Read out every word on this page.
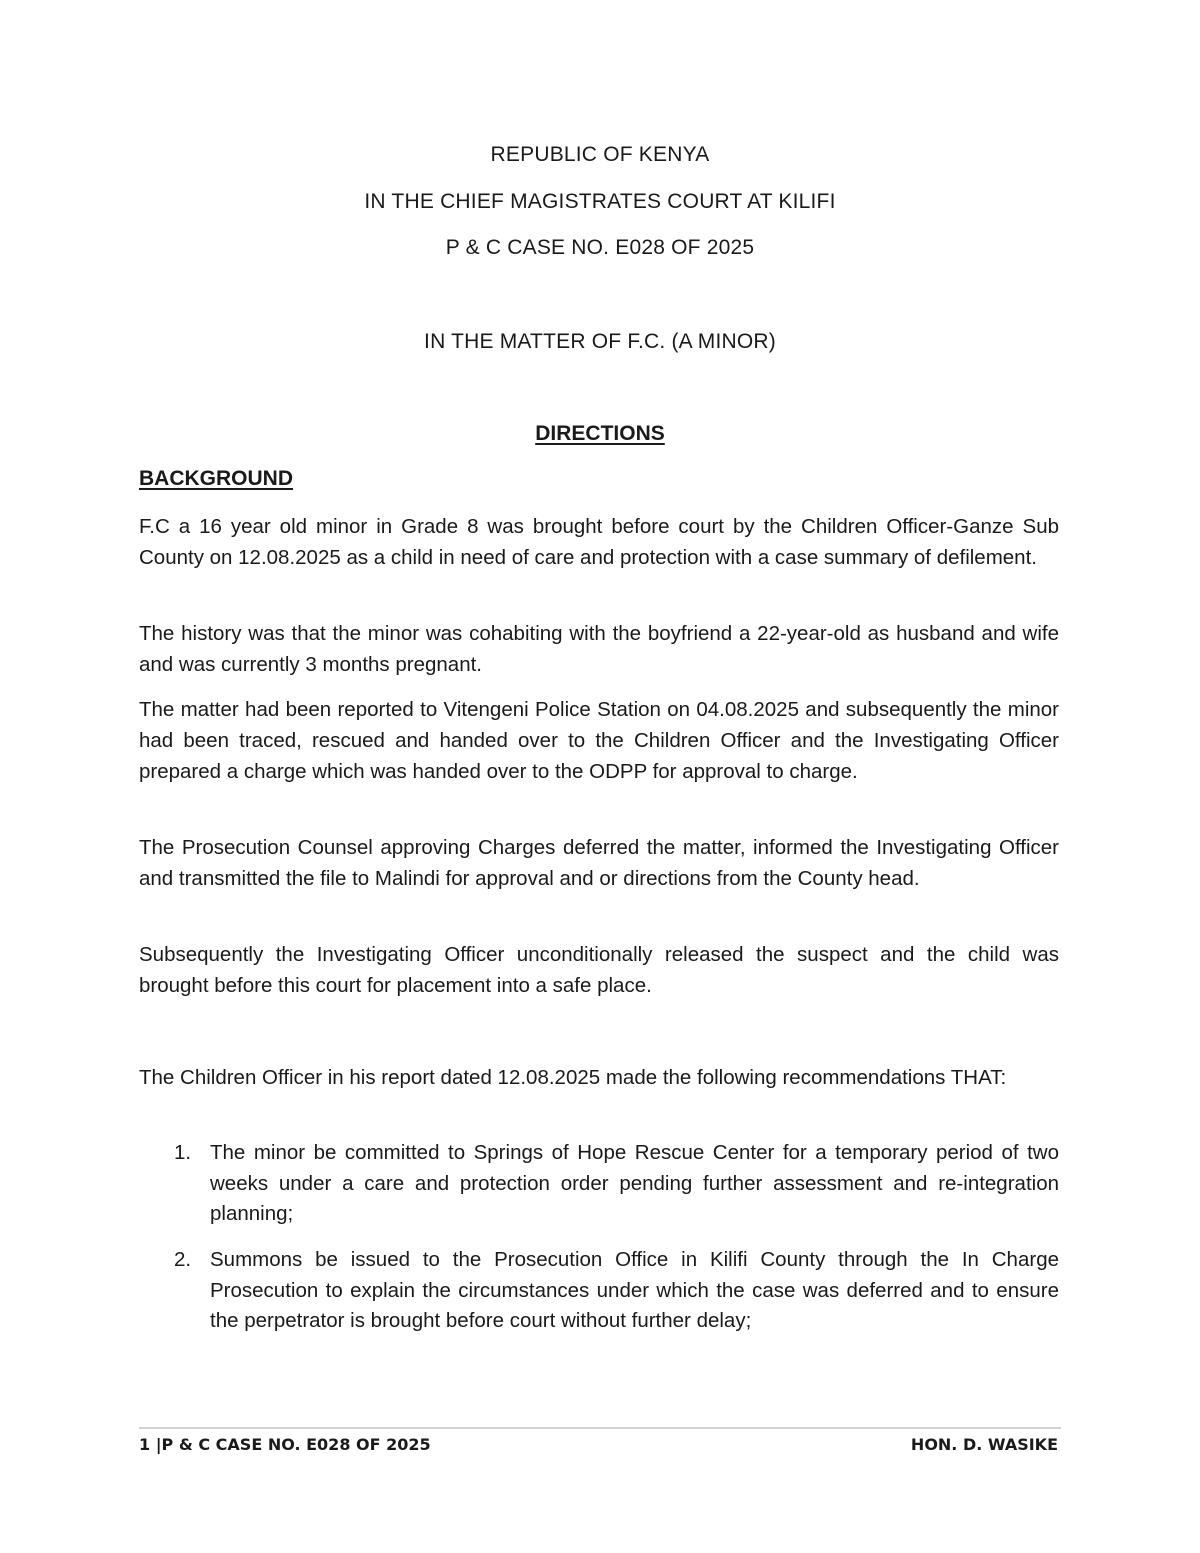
REPUBLIC OF KENYA
IN THE CHIEF MAGISTRATES COURT AT KILIFI
P & C CASE NO. E028 OF 2025
IN THE MATTER OF F.C. (A MINOR)
DIRECTIONS
BACKGROUND

F.C a 16 year old minor in Grade 8 was brought before court by the Children Officer-Ganze Sub County on 12.08.2025 as a child in need of care and protection with a case summary of defilement.

The history was that the minor was cohabiting with the boyfriend a 22-year-old as husband and wife and was currently 3 months pregnant.

The matter had been reported to Vitengeni Police Station on 04.08.2025 and subsequently the minor had been traced, rescued and handed over to the Children Officer and the Investigating Officer prepared a charge which was handed over to the ODPP for approval to charge.

The Prosecution Counsel approving Charges deferred the matter, informed the Investigating Officer and transmitted the file to Malindi for approval and or directions from the County head.

Subsequently the Investigating Officer unconditionally released the suspect and the child was brought before this court for placement into a safe place.

The Children Officer in his report dated 12.08.2025 made the following recommendations THAT:

1. The minor be committed to Springs of Hope Rescue Center for a temporary period of two weeks under a care and protection order pending further assessment and re-integration planning;
2. Summons be issued to the Prosecution Office in Kilifi County through the In Charge Prosecution to explain the circumstances under which the case was deferred and to ensure the perpetrator is brought before court without further delay;
1 |P & C CASE NO. E028 OF 2025	HON. D. WASIKE
